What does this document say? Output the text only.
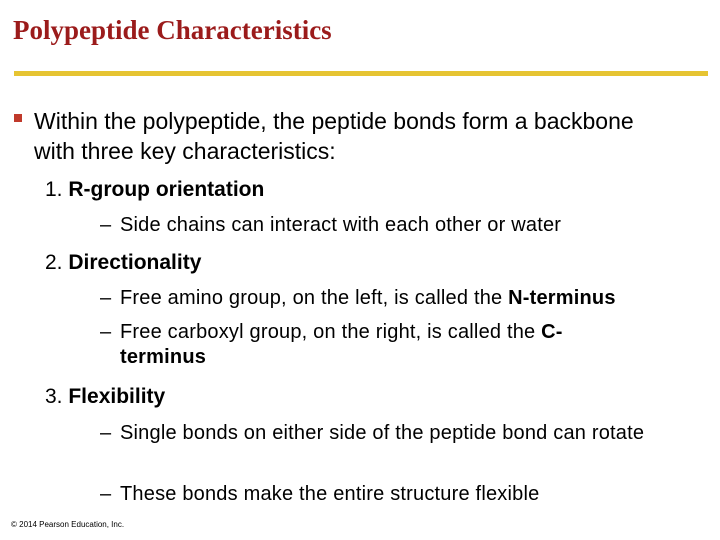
Polypeptide Characteristics
Within the polypeptide, the peptide bonds form a backbone with three key characteristics:
1. R-group orientation
– Side chains can interact with each other or water
2. Directionality
– Free amino group, on the left, is called the N-terminus
– Free carboxyl group, on the right, is called the C-terminus
3. Flexibility
– Single bonds on either side of the peptide bond can rotate
– These bonds make the entire structure flexible
© 2014 Pearson Education, Inc.
